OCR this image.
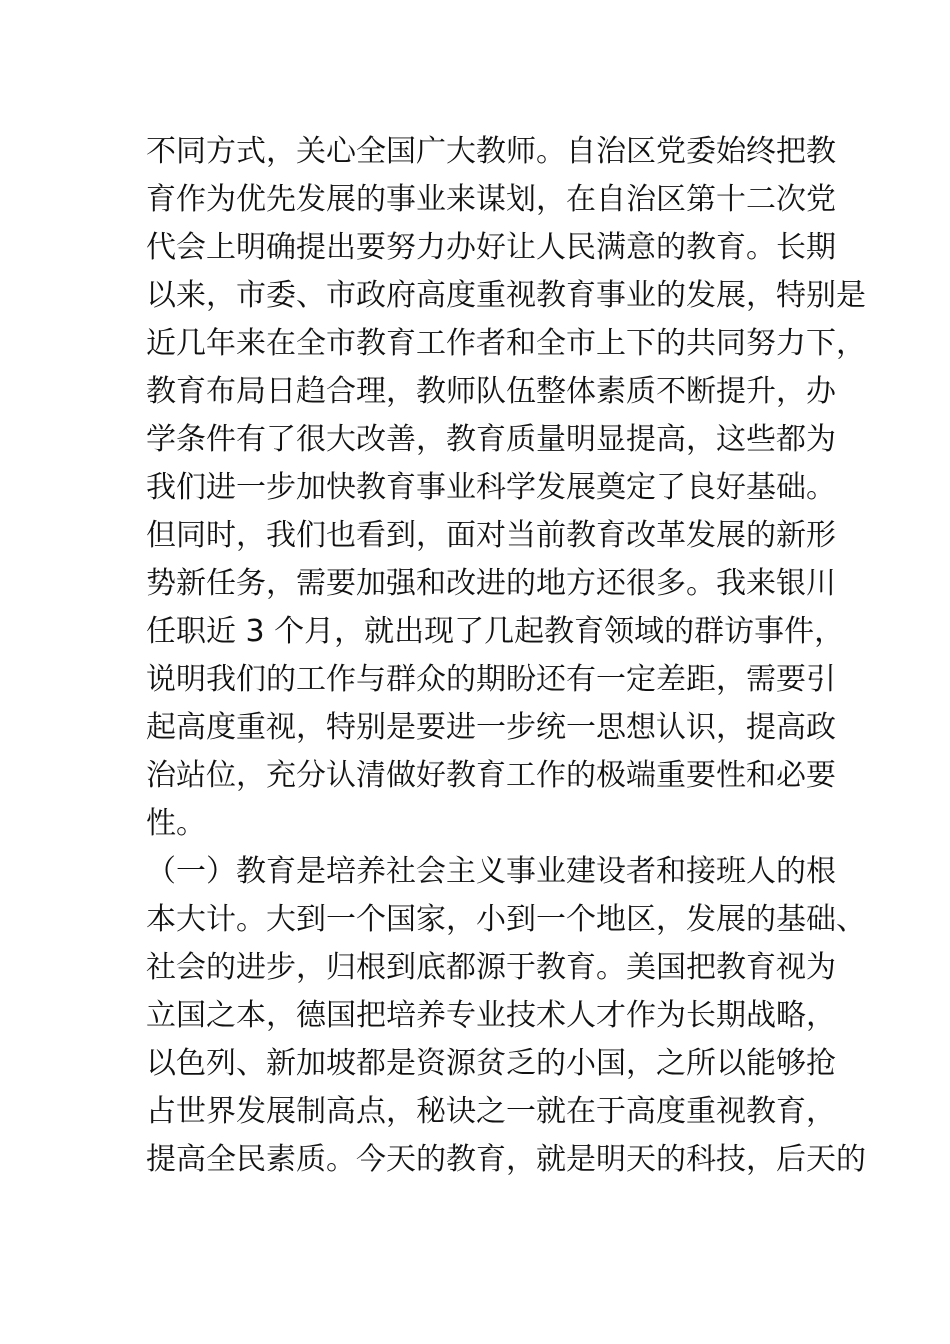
不同方式，关心全国广大教师。自治区党委始终把教
育作为优先发展的事业来谋划，在自治区第十二次党
代会上明确提出要努力办好让人民满意的教育。长期
以来，市委、市政府高度重视教育事业的发展，特别是
近几年来在全市教育工作者和全市上下的共同努力下，
教育布局日趋合理，教师队伍整体素质不断提升，办
学条件有了很大改善，教育质量明显提高，这些都为
我们进一步加快教育事业科学发展奠定了良好基础。
但同时，我们也看到，面对当前教育改革发展的新形
势新任务，需要加强和改进的地方还很多。我来银川
任职近 3 个月，就出现了几起教育领域的群访事件，
说明我们的工作与群众的期盼还有一定差距，需要引
起高度重视，特别是要进一步统一思想认识，提高政
治站位，充分认清做好教育工作的极端重要性和必要
性。
（一）教育是培养社会主义事业建设者和接班人的根
本大计。大到一个国家，小到一个地区，发展的基础、
社会的进步，归根到底都源于教育。美国把教育视为
立国之本，德国把培养专业技术人才作为长期战略，
以色列、新加坡都是资源贫乏的小国，之所以能够抢
占世界发展制高点，秘诀之一就在于高度重视教育，
提高全民素质。今天的教育，就是明天的科技，后天的
